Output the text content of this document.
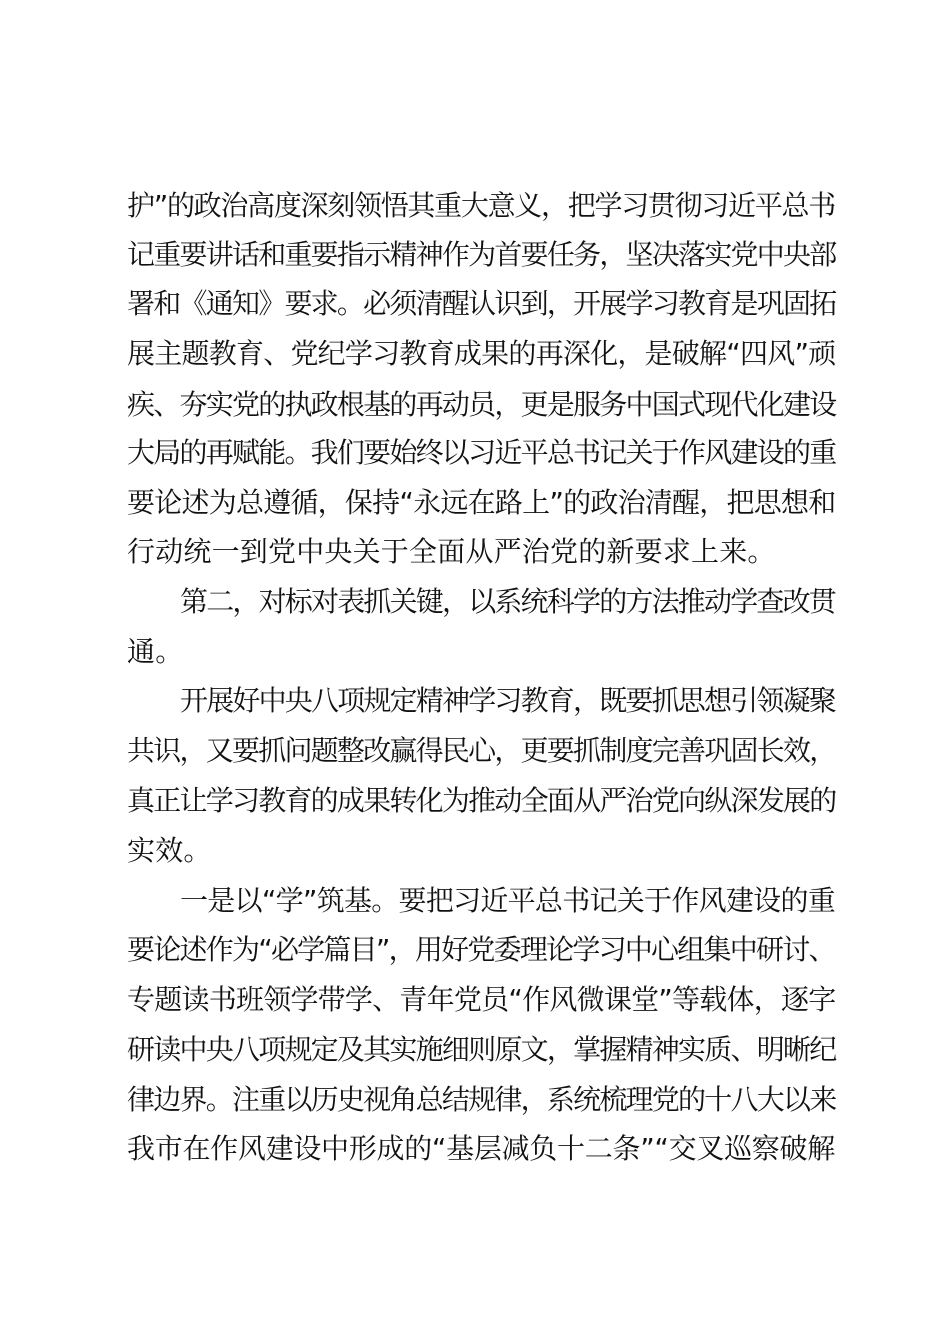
护”的政治高度深刻领悟其重大意义，把学习贯彻习近平总书
记重要讲话和重要指示精神作为首要任务，坚决落实党中央部
署和《通知》要求。必须清醒认识到，开展学习教育是巩固拓
展主题教育、党纪学习教育成果的再深化，是破解“四风”顽
疾、夯实党的执政根基的再动员，更是服务中国式现代化建设
大局的再赋能。我们要始终以习近平总书记关于作风建设的重
要论述为总遵循，保持“永远在路上”的政治清醒，把思想和
行动统一到党中央关于全面从严治党的新要求上来。
第二，对标对表抓关键，以系统科学的方法推动学查改贯
通。
开展好中央八项规定精神学习教育，既要抓思想引领凝聚
共识，又要抓问题整改赢得民心，更要抓制度完善巩固长效，
真正让学习教育的成果转化为推动全面从严治党向纵深发展的
实效。
一是以“学”筑基。要把习近平总书记关于作风建设的重
要论述作为“必学篇目”，用好党委理论学习中心组集中研讨、
专题读书班领学带学、青年党员“作风微课堂”等载体，逐字
研读中央八项规定及其实施细则原文，掌握精神实质、明晰纪
律边界。注重以历史视角总结规律，系统梳理党的十八大以来
我市在作风建设中形成的“基层减负十二条”“交叉巡察破解
